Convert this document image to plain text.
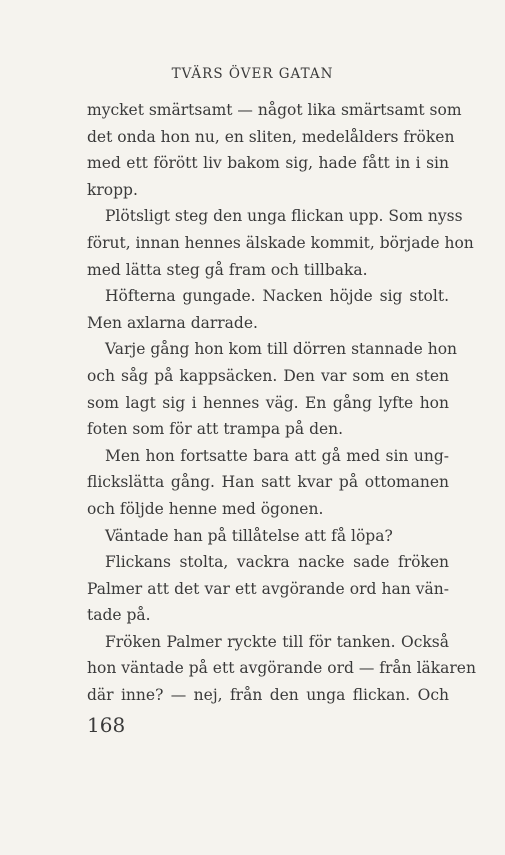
TVÄRS ÖVER GATAN
mycket smärtsamt — något lika smärtsamt som
det onda hon nu, en sliten, medelålders fröken
med ett förött liv bakom sig, hade fått in i sin
kropp.
Plötsligt steg den unga flickan upp. Som nyss
förut, innan hennes älskade kommit, började hon
med lätta steg gå fram och tillbaka.
Höfterna gungade. Nacken höjde sig stolt.
Men axlarna darrade.
Varje gång hon kom till dörren stannade hon
och såg på kappsäcken. Den var som en sten
som lagt sig i hennes väg. En gång lyfte hon
foten som för att trampa på den.
Men hon fortsatte bara att gå med sin ung-
flickslätta gång. Han satt kvar på ottomanen
och följde henne med ögonen.
Väntade han på tillåtelse att få löpa?
Flickans stolta, vackra nacke sade fröken
Palmer att det var ett avgörande ord han vän-
tade på.
Fröken Palmer ryckte till för tanken. Också
hon väntade på ett avgörande ord — från läkaren
där inne? — nej, från den unga flickan. Och
168
